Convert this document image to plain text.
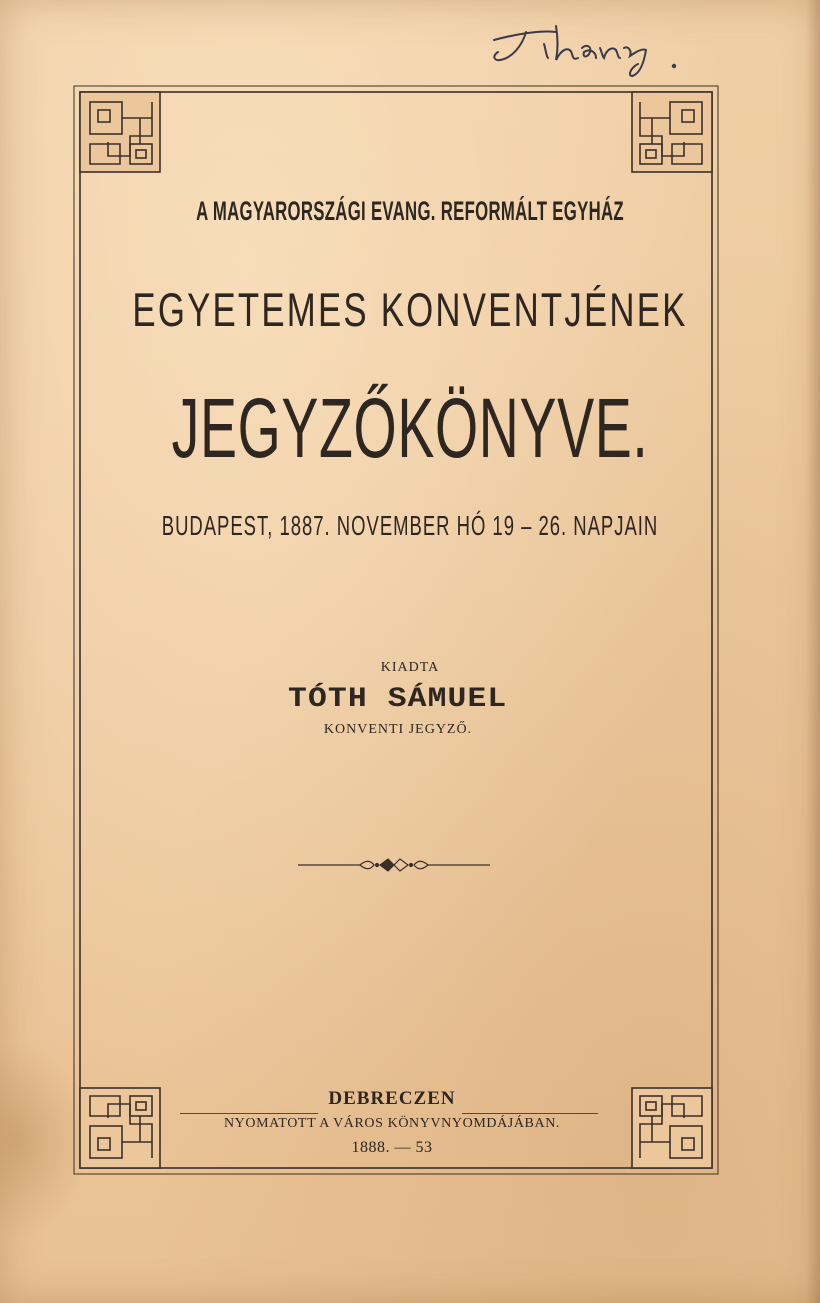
A MAGYARORSZÁGI EVANG. REFORMÁLT EGYHÁZ
EGYETEMES KONVENTJÉNEK
JEGYZŐKÖNYVE.
BUDAPEST, 1887. NOVEMBER HÓ 19 – 26. NAPJAIN
KIADTA
TÓTH SÁMUEL
KONVENTI JEGYZŐ.
DEBRECZEN
NYOMATOTT A VÁROS KÖNYVNYOMDÁJÁBAN.
1888. — 53
